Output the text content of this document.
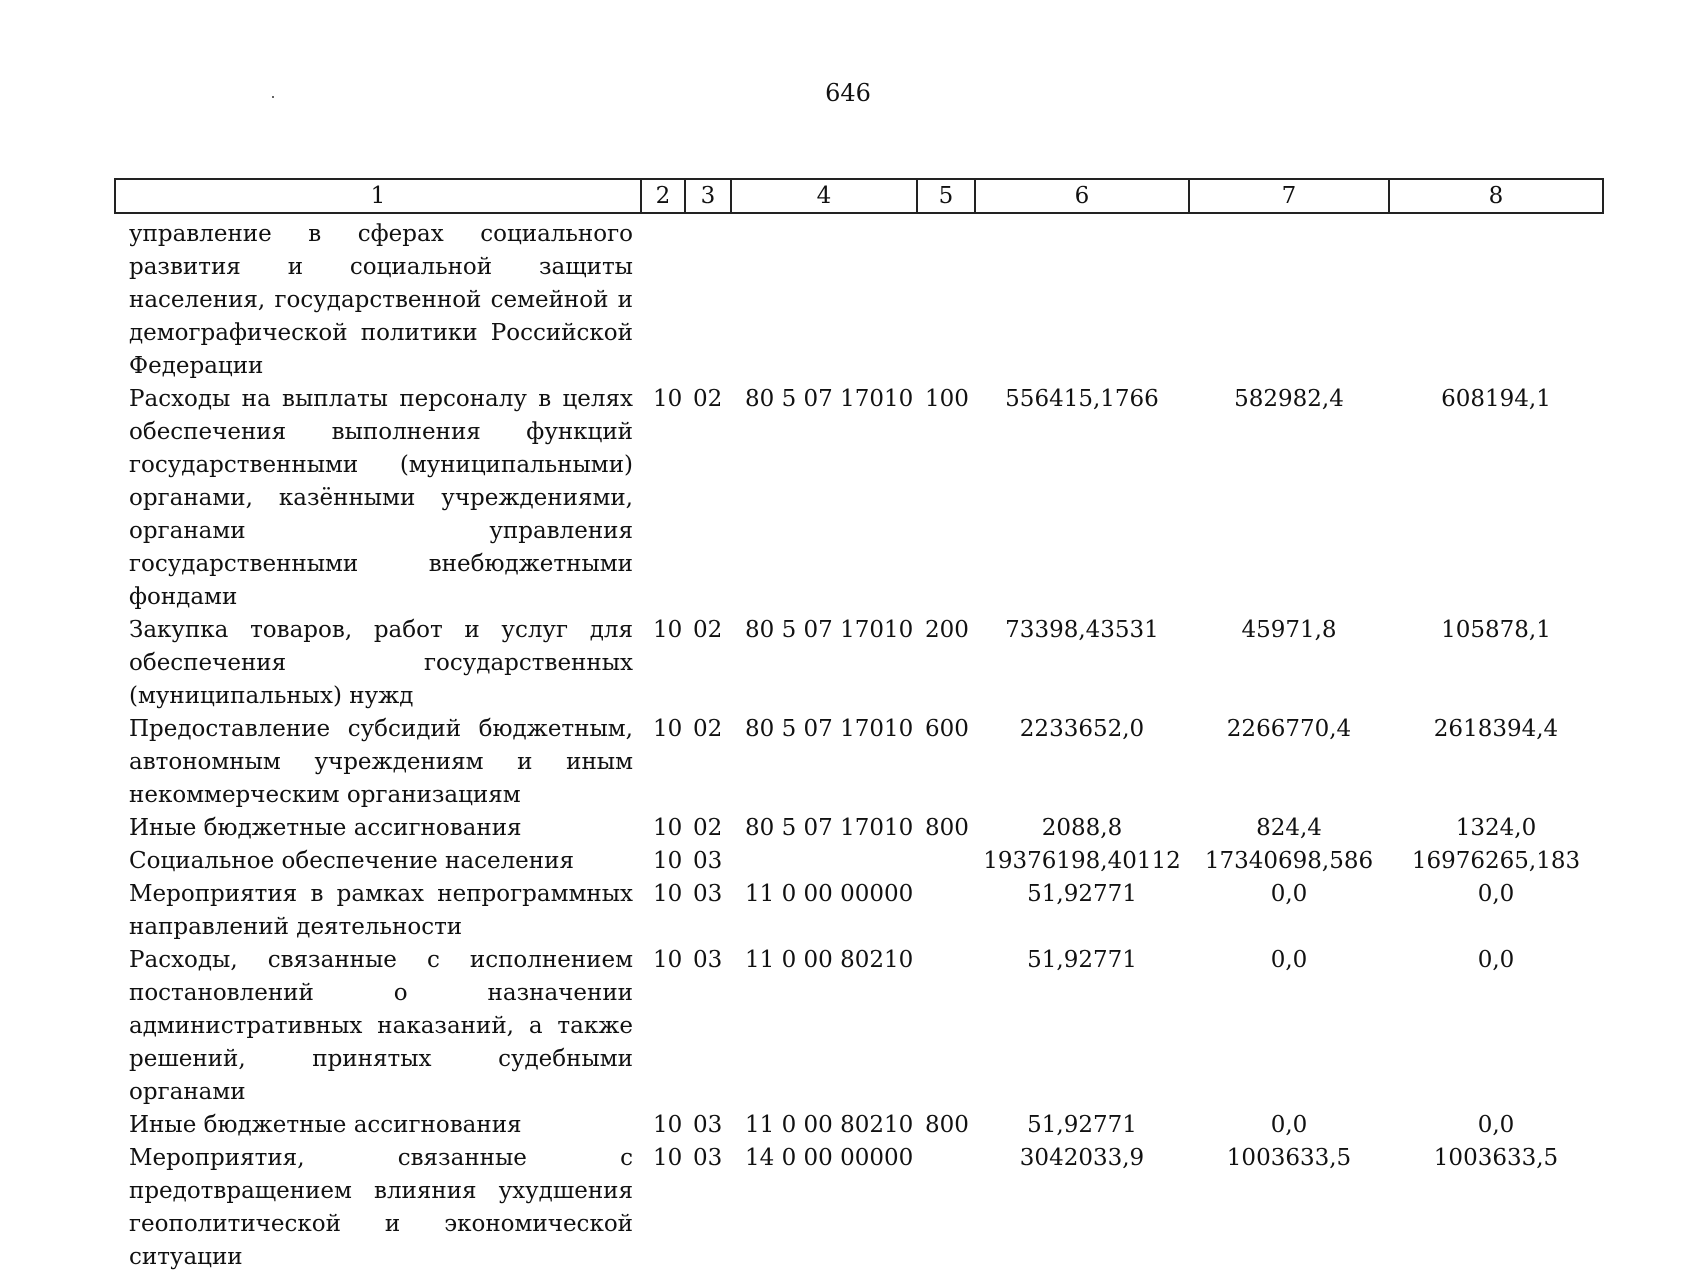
646
1	2	3	4	5	6	7	8
управление в сферах социального развития и социальной защиты населения, государственной семейной и демографической политики Российской Федерации							
Расходы на выплаты персоналу в целях обеспечения выполнения функций государственными (муниципальными) органами, казёнными учреждениями, органами управления государственными внебюджетными фондами	10	02	80 5 07 17010	100	556415,1766	582982,4	608194,1
Закупка товаров, работ и услуг для обеспечения государственных (муниципальных) нужд	10	02	80 5 07 17010	200	73398,43531	45971,8	105878,1
Предоставление субсидий бюджетным, автономным учреждениям и иным некоммерческим организациям	10	02	80 5 07 17010	600	2233652,0	2266770,4	2618394,4
Иные бюджетные ассигнования	10	02	80 5 07 17010	800	2088,8	824,4	1324,0
Социальное обеспечение населения	10	03			19376198,40112	17340698,586	16976265,183
Мероприятия в рамках непрограммных направлений деятельности	10	03	11 0 00 00000		51,92771	0,0	0,0
Расходы, связанные с исполнением постановлений о назначении административных наказаний, а также решений, принятых судебными органами	10	03	11 0 00 80210		51,92771	0,0	0,0
Иные бюджетные ассигнования	10	03	11 0 00 80210	800	51,92771	0,0	0,0
Мероприятия, связанные с предотвращением влияния ухудшения геополитической и экономической ситуации	10	03	14 0 00 00000		3042033,9	1003633,5	1003633,5
